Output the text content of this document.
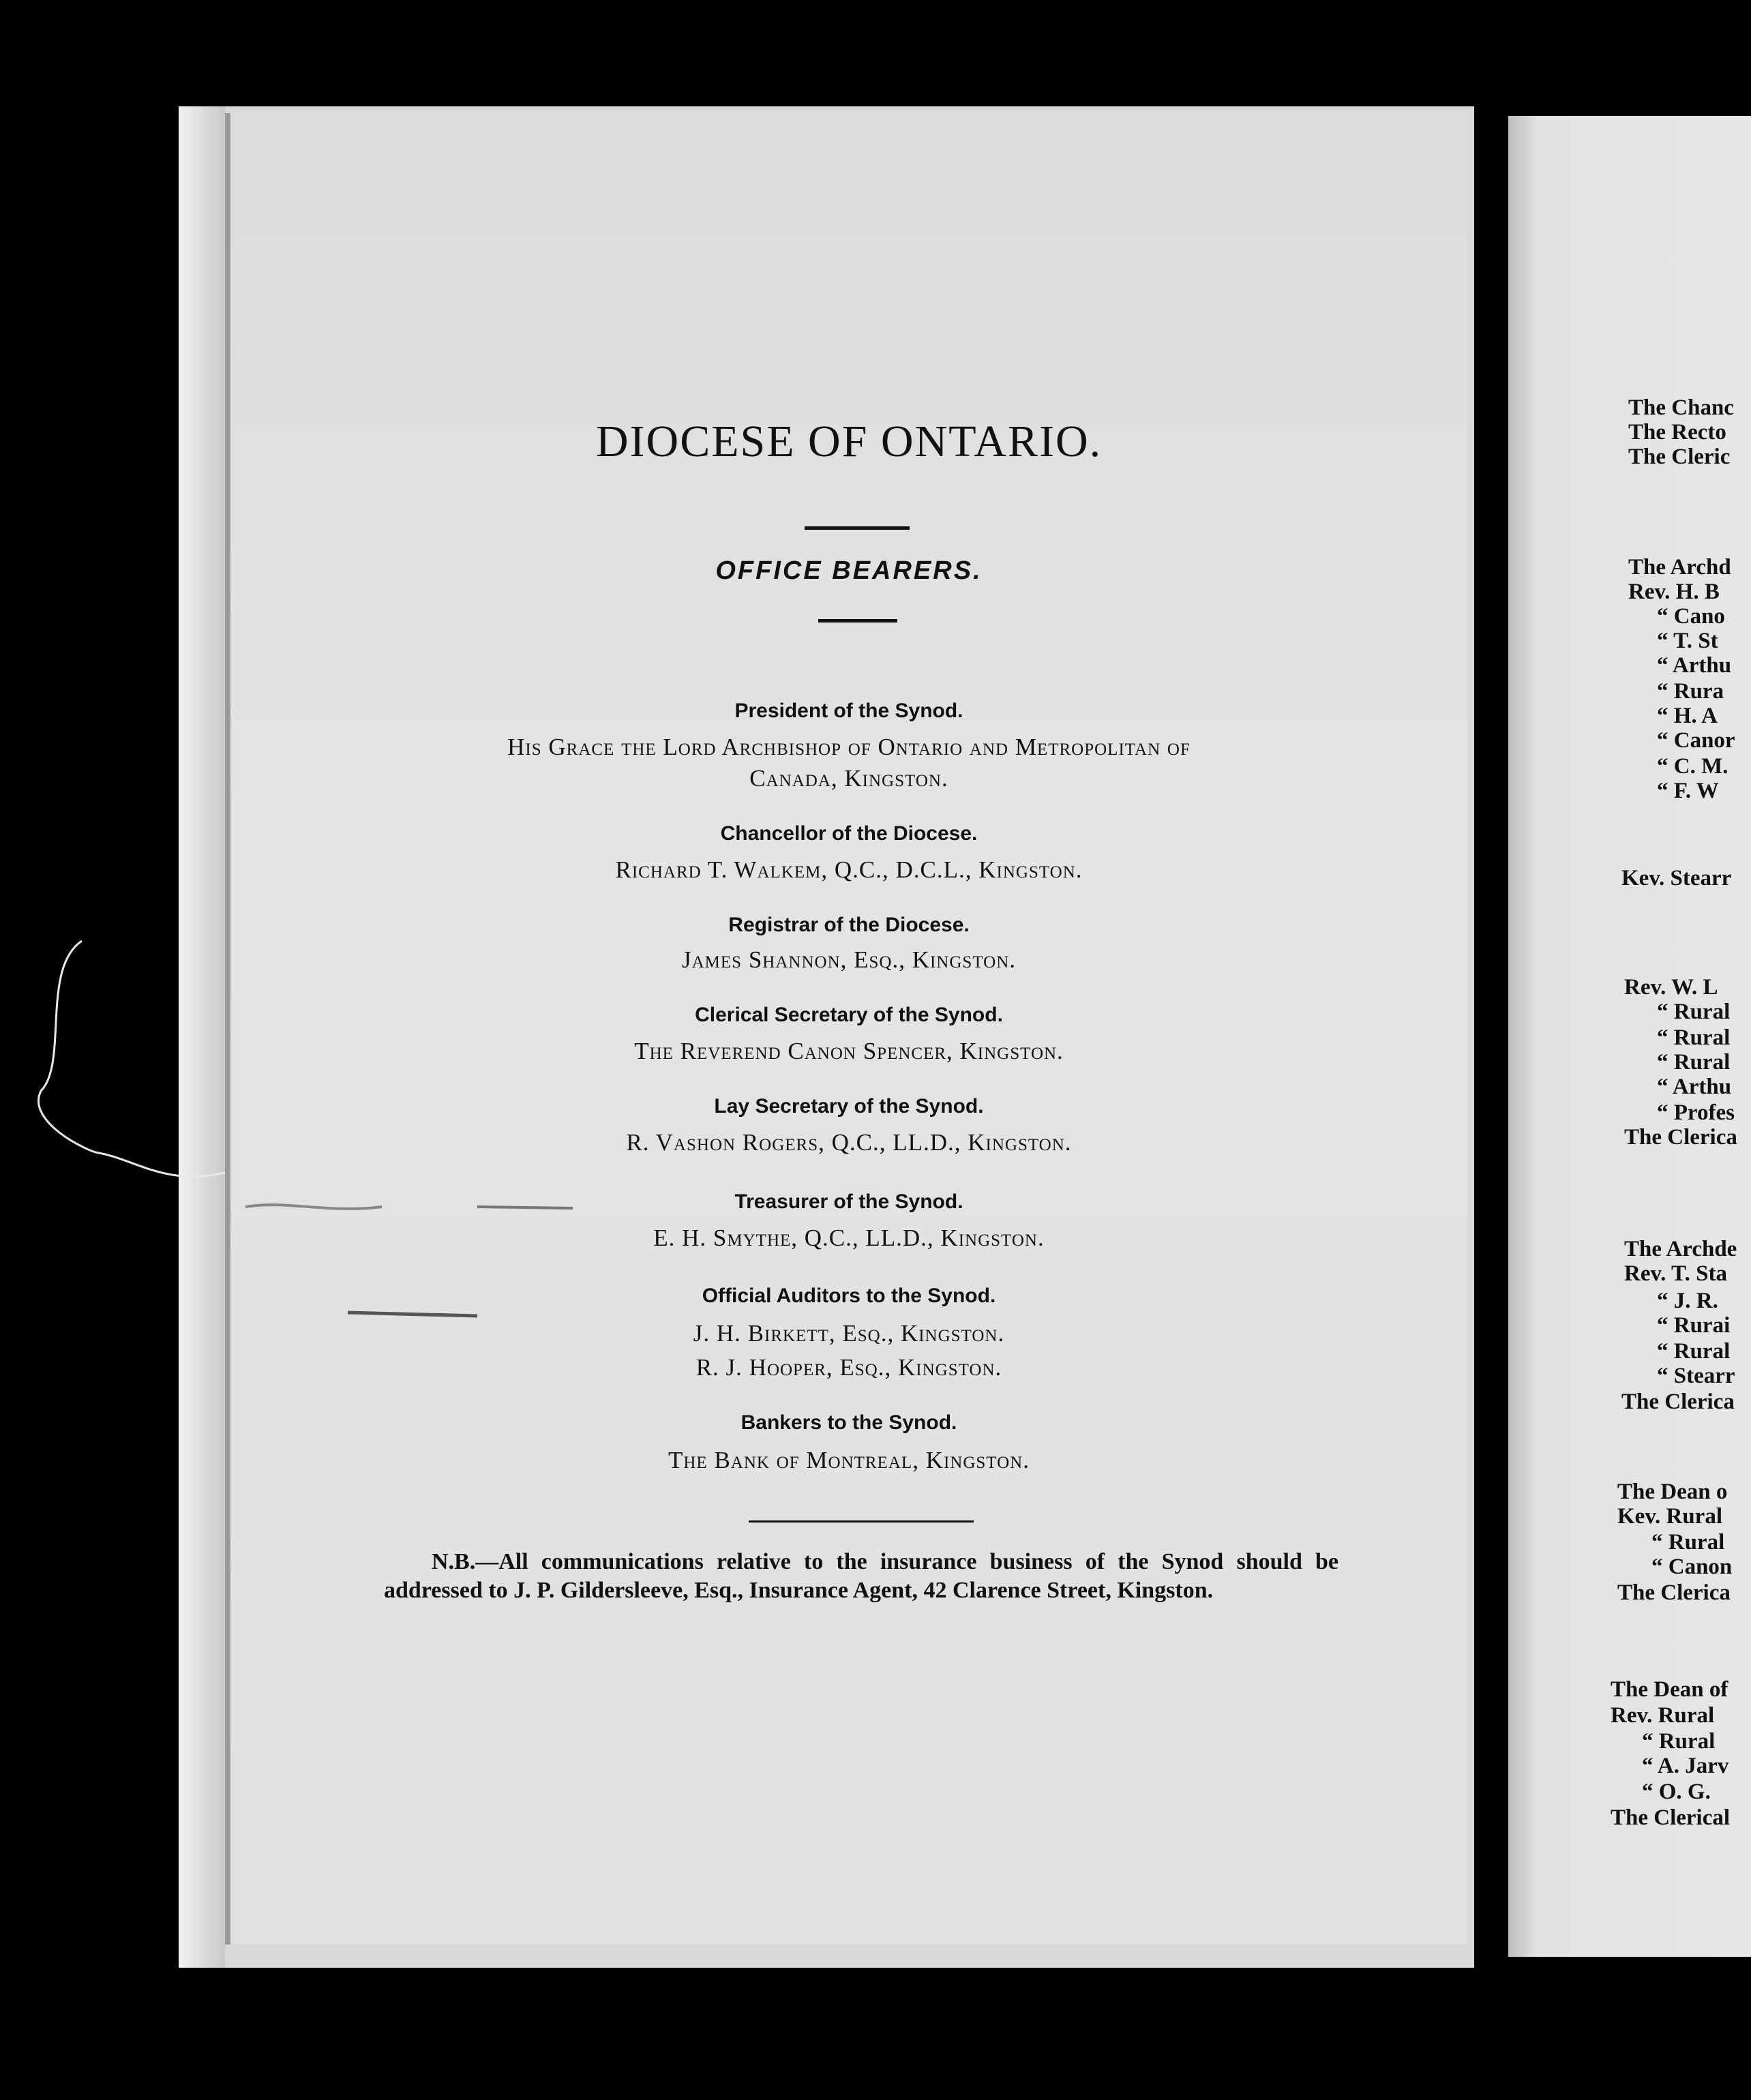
DIOCESE OF ONTARIO.
OFFICE BEARERS.
President of the Synod.
His Grace the Lord Archbishop of Ontario and Metropolitan of
Canada, Kingston.
Chancellor of the Diocese.
Richard T. Walkem, Q.C., D.C.L., Kingston.
Registrar of the Diocese.
James Shannon, Esq., Kingston.
Clerical Secretary of the Synod.
The Reverend Canon Spencer, Kingston.
Lay Secretary of the Synod.
R. Vashon Rogers, Q.C., LL.D., Kingston.
Treasurer of the Synod.
E. H. Smythe, Q.C., LL.D., Kingston.
Official Auditors to the Synod.
J. H. Birkett, Esq., Kingston.
R. J. Hooper, Esq., Kingston.
Bankers to the Synod.
The Bank of Montreal, Kingston.
N.B.—All communications relative to the insurance business of the Synod should be addressed to J. P. Gildersleeve, Esq., Insurance Agent, 42 Clarence Street, Kingston.
The Chanc
The Recto
The Cleric
The Archd
Rev. H. B
“ Cano
“ T. St
“ Arthu
“ Rura
“ H. A
“ Canor
“ C. M.
“ F. W
Kev. Stearr
Rev. W. L
“ Rural
“ Rural
“ Rural
“ Arthu
“ Profes
The Clerica
The Archde
Rev. T. Sta
“ J. R.
“ Rurai
“ Rural
“ Stearr
The Clerica
The Dean o
Kev. Rural
“ Rural
“ Canon
The Clerica
The Dean of
Rev. Rural
“ Rural
“ A. Jarv
“ O. G.
The Clerical
